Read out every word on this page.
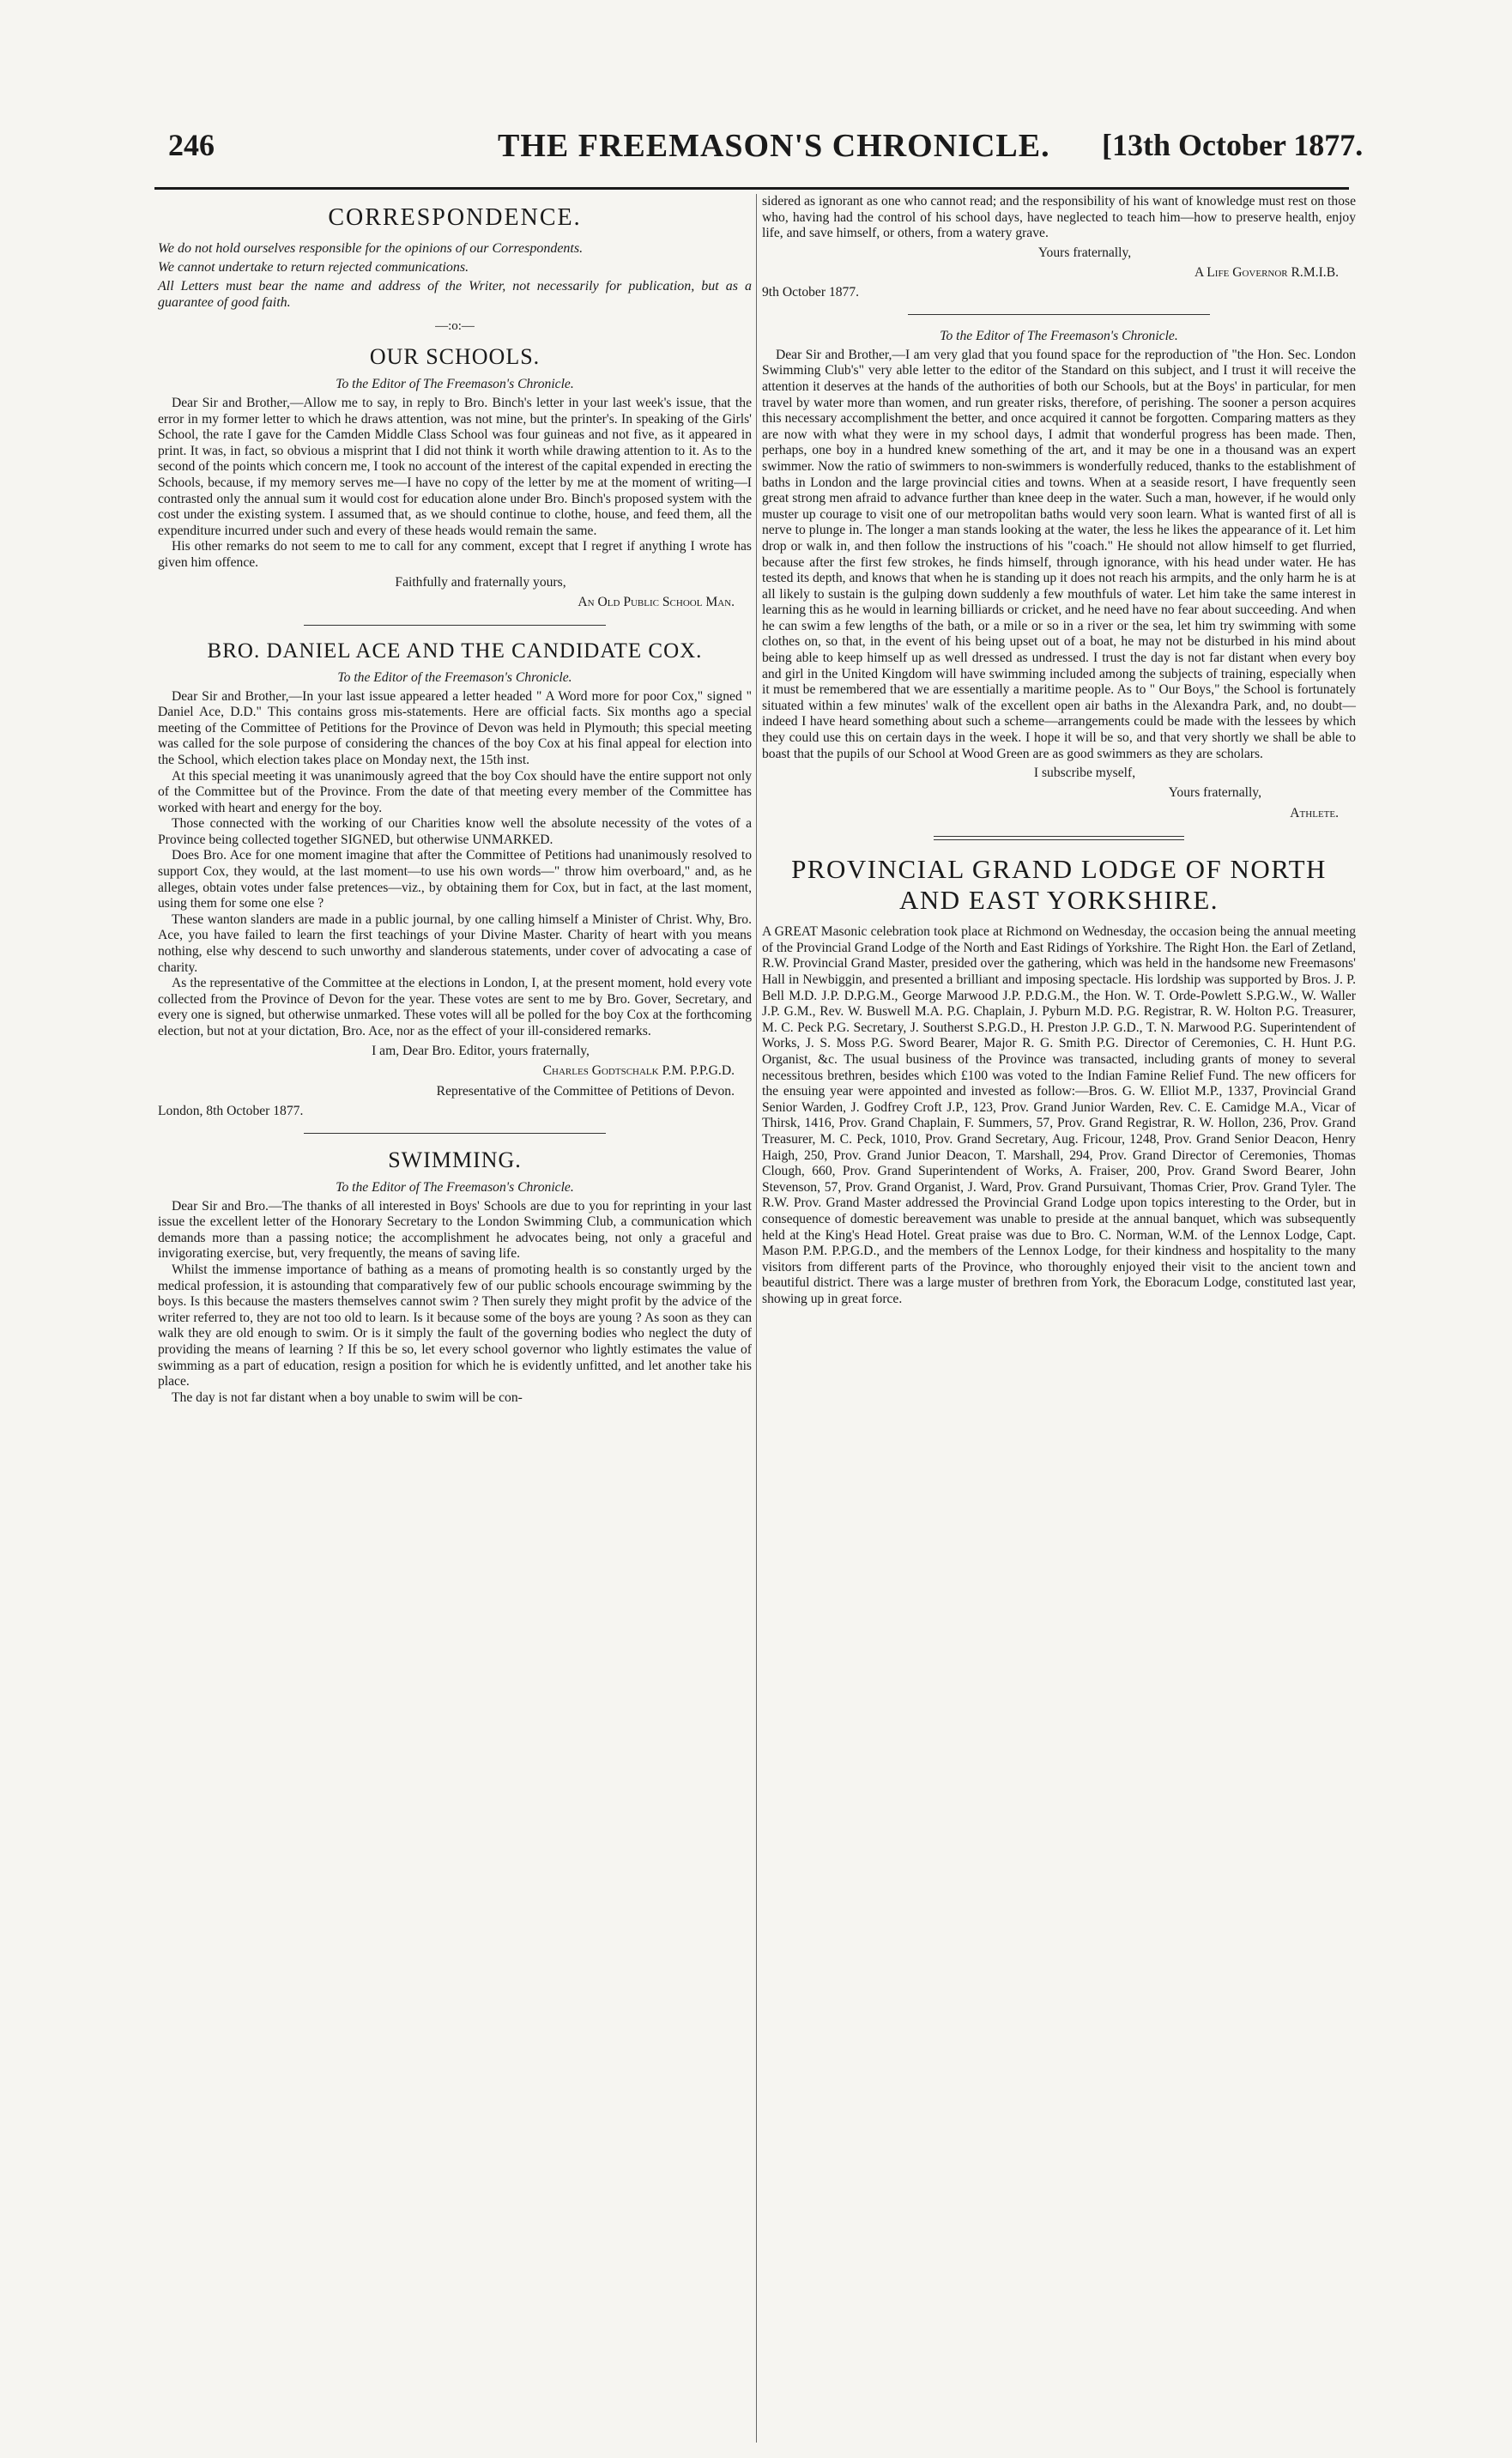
246	THE FREEMASON'S CHRONICLE. [13th October 1877.
CORRESPONDENCE.

We do not hold ourselves responsible for the opinions of our Correspondents.

We cannot undertake to return rejected communications.

All Letters must bear the name and address of the Writer, not necessarily for publication, but as a guarantee of good faith.

—:o:—
OUR SCHOOLS.
To the Editor of The Freemason's Chronicle.

Dear Sir and Brother,—Allow me to say, in reply to Bro. Binch's letter in your last week's issue, that the error in my former letter to which he draws attention, was not mine, but the printer's. In speaking of the Girls' School, the rate I gave for the Camden Middle Class School was four guineas and not five, as it appeared in print. It was, in fact, so obvious a misprint that I did not think it worth while drawing attention to it. As to the second of the points which concern me, I took no account of the interest of the capital expended in erecting the Schools, because, if my memory serves me—I have no copy of the letter by me at the moment of writing—I contrasted only the annual sum it would cost for education alone under Bro. Binch's proposed system with the cost under the existing system. I assumed that, as we should continue to clothe, house, and feed them, all the expenditure incurred under such and every of these heads would remain the same.

His other remarks do not seem to me to call for any comment, except that I regret if anything I wrote has given him offence.

Faithfully and fraternally yours,
An Old Public School Man.
BRO. DANIEL ACE AND THE CANDIDATE COX.
To the Editor of the Freemason's Chronicle.

Dear Sir and Brother,—In your last issue appeared a letter headed " A Word more for poor Cox," signed " Daniel Ace, D.D." This contains gross mis-statements. Here are official facts. Six months ago a special meeting of the Committee of Petitions for the Province of Devon was held in Plymouth; this special meeting was called for the sole purpose of considering the chances of the boy Cox at his final appeal for election into the School, which election takes place on Monday next, the 15th inst.

At this special meeting it was unanimously agreed that the boy Cox should have the entire support not only of the Committee but of the Province. From the date of that meeting every member of the Committee has worked with heart and energy for the boy.

Those connected with the working of our Charities know well the absolute necessity of the votes of a Province being collected together SIGNED, but otherwise UNMARKED.

Does Bro. Ace for one moment imagine that after the Committee of Petitions had unanimously resolved to support Cox, they would, at the last moment—to use his own words—" throw him overboard," and, as he alleges, obtain votes under false pretences—viz., by obtaining them for Cox, but in fact, at the last moment, using them for some one else ?

These wanton slanders are made in a public journal, by one calling himself a Minister of Christ. Why, Bro. Ace, you have failed to learn the first teachings of your Divine Master. Charity of heart with you means nothing, else why descend to such unworthy and slanderous statements, under cover of advocating a case of charity.

As the representative of the Committee at the elections in London, I, at the present moment, hold every vote collected from the Province of Devon for the year. These votes are sent to me by Bro. Gover, Secretary, and every one is signed, but otherwise unmarked. These votes will all be polled for the boy Cox at the forthcoming election, but not at your dictation, Bro. Ace, nor as the effect of your ill-considered remarks.

I am, Dear Bro. Editor, yours fraternally,
Charles Godtschalk P.M. P.P.G.D.
Representative of the Committee of Petitions of Devon.
London, 8th October 1877.
SWIMMING.
To the Editor of The Freemason's Chronicle.

Dear Sir and Bro.—The thanks of all interested in Boys' Schools are due to you for reprinting in your last issue the excellent letter of the Honorary Secretary to the London Swimming Club, a communication which demands more than a passing notice; the accomplishment he advocates being, not only a graceful and invigorating exercise, but, very frequently, the means of saving life.

Whilst the immense importance of bathing as a means of promoting health is so constantly urged by the medical profession, it is astounding that comparatively few of our public schools encourage swimming by the boys. Is this because the masters themselves cannot swim ? Then surely they might profit by the advice of the writer referred to, they are not too old to learn. Is it because some of the boys are young ? As soon as they can walk they are old enough to swim. Or is it simply the fault of the governing bodies who neglect the duty of providing the means of learning ? If this be so, let every school governor who lightly estimates the value of swimming as a part of education, resign a position for which he is evidently unfitted, and let another take his place.

The day is not far distant when a boy unable to swim will be con-

sidered as ignorant as one who cannot read; and the responsibility of his want of knowledge must rest on those who, having had the control of his school days, have neglected to teach him—how to preserve health, enjoy life, and save himself, or others, from a watery grave.

Yours fraternally,
A Life Governor R.M.I.B.
9th October 1877.
To the Editor of The Freemason's Chronicle.

Dear Sir and Brother,—I am very glad that you found space for the reproduction of "the Hon. Sec. London Swimming Club's" very able letter to the editor of the Standard on this subject, and I trust it will receive the attention it deserves at the hands of the authorities of both our Schools, but at the Boys' in particular, for men travel by water more than women, and run greater risks, therefore, of perishing. The sooner a person acquires this necessary accomplishment the better, and once acquired it cannot be forgotten. Comparing matters as they are now with what they were in my school days, I admit that wonderful progress has been made. Then, perhaps, one boy in a hundred knew something of the art, and it may be one in a thousand was an expert swimmer. Now the ratio of swimmers to non-swimmers is wonderfully reduced, thanks to the establishment of baths in London and the large provincial cities and towns. When at a seaside resort, I have frequently seen great strong men afraid to advance further than knee deep in the water. Such a man, however, if he would only muster up courage to visit one of our metropolitan baths would very soon learn. What is wanted first of all is nerve to plunge in. The longer a man stands looking at the water, the less he likes the appearance of it. Let him drop or walk in, and then follow the instructions of his "coach." He should not allow himself to get flurried, because after the first few strokes, he finds himself, through ignorance, with his head under water. He has tested its depth, and knows that when he is standing up it does not reach his armpits, and the only harm he is at all likely to sustain is the gulping down suddenly a few mouthfuls of water. Let him take the same interest in learning this as he would in learning billiards or cricket, and he need have no fear about succeeding. And when he can swim a few lengths of the bath, or a mile or so in a river or the sea, let him try swimming with some clothes on, so that, in the event of his being upset out of a boat, he may not be disturbed in his mind about being able to keep himself up as well dressed as undressed. I trust the day is not far distant when every boy and girl in the United Kingdom will have swimming included among the subjects of training, especially when it must be remembered that we are essentially a maritime people. As to " Our Boys," the School is fortunately situated within a few minutes' walk of the excellent open air baths in the Alexandra Park, and, no doubt—indeed I have heard something about such a scheme—arrangements could be made with the lessees by which they could use this on certain days in the week. I hope it will be so, and that very shortly we shall be able to boast that the pupils of our School at Wood Green are as good swimmers as they are scholars.

I subscribe myself,
Yours fraternally,
Athlete.
PROVINCIAL GRAND LODGE OF NORTH AND EAST YORKSHIRE.

A GREAT Masonic celebration took place at Richmond on Wednesday, the occasion being the annual meeting of the Provincial Grand Lodge of the North and East Ridings of Yorkshire. The Right Hon. the Earl of Zetland, R.W. Provincial Grand Master, presided over the gathering, which was held in the handsome new Freemasons' Hall in Newbiggin, and presented a brilliant and imposing spectacle. His lordship was supported by Bros. J. P. Bell M.D. J.P. D.P.G.M., George Marwood J.P. P.D.G.M., the Hon. W. T. Orde-Powlett S.P.G.W., W. Waller J.P. G.M., Rev. W. Buswell M.A. P.G. Chaplain, J. Pyburn M.D. P.G. Registrar, R. W. Holton P.G. Treasurer, M. C. Peck P.G. Secretary, J. Southerst S.P.G.D., H. Preston J.P. G.D., T. N. Marwood P.G. Superintendent of Works, J. S. Moss P.G. Sword Bearer, Major R. G. Smith P.G. Director of Ceremonies, C. H. Hunt P.G. Organist, &c. The usual business of the Province was transacted, including grants of money to several necessitous brethren, besides which £100 was voted to the Indian Famine Relief Fund. The new officers for the ensuing year were appointed and invested as follow:—Bros. G. W. Elliot M.P., 1337, Provincial Grand Senior Warden, J. Godfrey Croft J.P., 123, Prov. Grand Junior Warden, Rev. C. E. Camidge M.A., Vicar of Thirsk, 1416, Prov. Grand Chaplain, F. Summers, 57, Prov. Grand Registrar, R. W. Hollon, 236, Prov. Grand Treasurer, M. C. Peck, 1010, Prov. Grand Secretary, Aug. Fricour, 1248, Prov. Grand Senior Deacon, Henry Haigh, 250, Prov. Grand Junior Deacon, T. Marshall, 294, Prov. Grand Director of Ceremonies, Thomas Clough, 660, Prov. Grand Superintendent of Works, A. Fraiser, 200, Prov. Grand Sword Bearer, John Stevenson, 57, Prov. Grand Organist, J. Ward, Prov. Grand Pursuivant, Thomas Crier, Prov. Grand Tyler. The R.W. Prov. Grand Master addressed the Provincial Grand Lodge upon topics interesting to the Order, but in consequence of domestic bereavement was unable to preside at the annual banquet, which was subsequently held at the King's Head Hotel. Great praise was due to Bro. C. Norman, W.M. of the Lennox Lodge, Capt. Mason P.M. P.P.G.D., and the members of the Lennox Lodge, for their kindness and hospitality to the many visitors from different parts of the Province, who thoroughly enjoyed their visit to the ancient town and beautiful district. There was a large muster of brethren from York, the Eboracum Lodge, constituted last year, showing up in great force.
